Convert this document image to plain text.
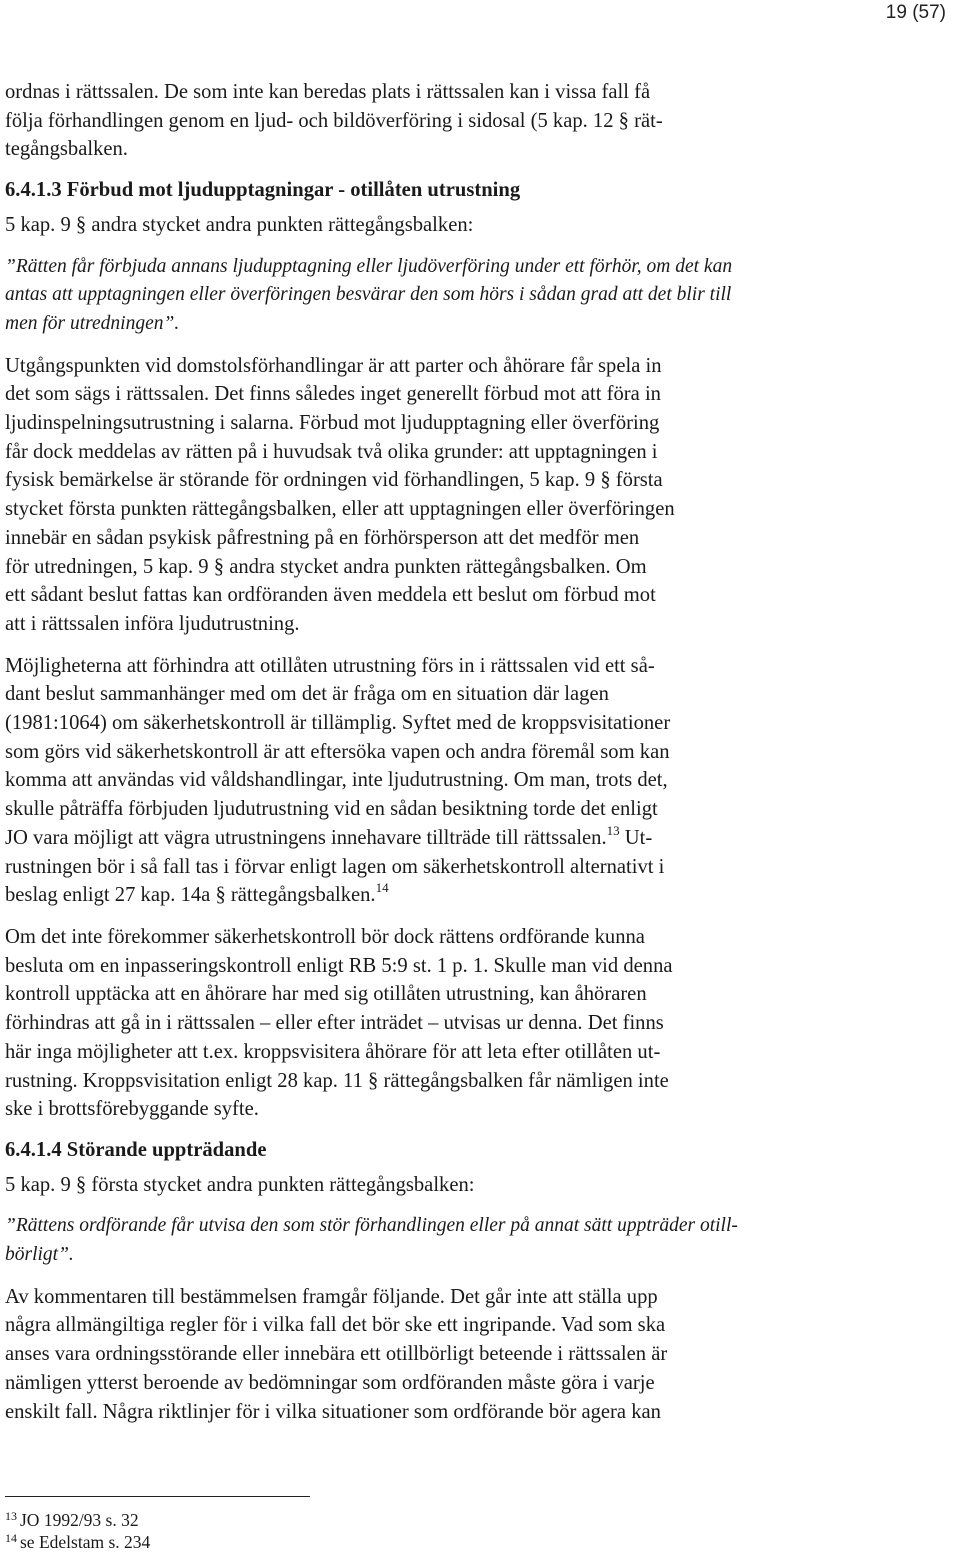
19 (57)

ordnas i rättssalen. De som inte kan beredas plats i rättssalen kan i vissa fall få
följa förhandlingen genom en ljud- och bildöverföring i sidosal (5 kap. 12 § rät-
tegångsbalken.

6.4.1.3 Förbud mot ljudupptagningar - otillåten utrustning

5 kap. 9 § andra stycket andra punkten rättegångsbalken:

”Rätten får förbjuda annans ljudupptagning eller ljudöverföring under ett förhör, om det kan
antas att upptagningen eller överföringen besvärar den som hörs i sådan grad att det blir till
men för utredningen”.

Utgångspunkten vid domstolsförhandlingar är att parter och åhörare får spela in
det som sägs i rättssalen. Det finns således inget generellt förbud mot att föra in
ljudinspelningsutrustning i salarna. Förbud mot ljudupptagning eller överföring
får dock meddelas av rätten på i huvudsak två olika grunder: att upptagningen i
fysisk bemärkelse är störande för ordningen vid förhandlingen, 5 kap. 9 § första
stycket första punkten rättegångsbalken, eller att upptagningen eller överföringen
innebär en sådan psykisk påfrestning på en förhörsperson att det medför men
för utredningen, 5 kap. 9 § andra stycket andra punkten rättegångsbalken. Om
ett sådant beslut fattas kan ordföranden även meddela ett beslut om förbud mot
att i rättssalen införa ljudutrustning.

Möjligheterna att förhindra att otillåten utrustning förs in i rättssalen vid ett så-
dant beslut sammanhänger med om det är fråga om en situation där lagen
(1981:1064) om säkerhetskontroll är tillämplig. Syftet med de kroppsvisitationer
som görs vid säkerhetskontroll är att eftersöka vapen och andra föremål som kan
komma att användas vid våldshandlingar, inte ljudutrustning. Om man, trots det,
skulle påträffa förbjuden ljudutrustning vid en sådan besiktning torde det enligt
JO vara möjligt att vägra utrustningens innehavare tillträde till rättssalen.$^{13}$ Ut-
rustningen bör i så fall tas i förvar enligt lagen om säkerhetskontroll alternativt i
beslag enligt 27 kap. 14a § rättegångsbalken.$^{14}$

Om det inte förekommer säkerhetskontroll bör dock rättens ordförande kunna
besluta om en inpasseringskontroll enligt RB 5:9 st. 1 p. 1. Skulle man vid denna
kontroll upptäcka att en åhörare har med sig otillåten utrustning, kan åhöraren
förhindras att gå in i rättssalen – eller efter inträdet – utvisas ur denna. Det finns
här inga möjligheter att t.ex. kroppsvisitera åhörare för att leta efter otillåten ut-
rustning. Kroppsvisitation enligt 28 kap. 11 § rättegångsbalken får nämligen inte
ske i brottsförebyggande syfte.

6.4.1.4 Störande uppträdande

5 kap. 9 § första stycket andra punkten rättegångsbalken:

”Rättens ordförande får utvisa den som stör förhandlingen eller på annat sätt uppträder otill-
börligt”.

Av kommentaren till bestämmelsen framgår följande. Det går inte att ställa upp
några allmängiltiga regler för i vilka fall det bör ske ett ingripande. Vad som ska
anses vara ordningsstörande eller innebära ett otillbörligt beteende i rättssalen är
nämligen ytterst beroende av bedömningar som ordföranden måste göra i varje
enskilt fall. Några riktlinjer för i vilka situationer som ordförande bör agera kan

$^{13}$ JO 1992/93 s. 32
$^{14}$ se Edelstam s. 234
